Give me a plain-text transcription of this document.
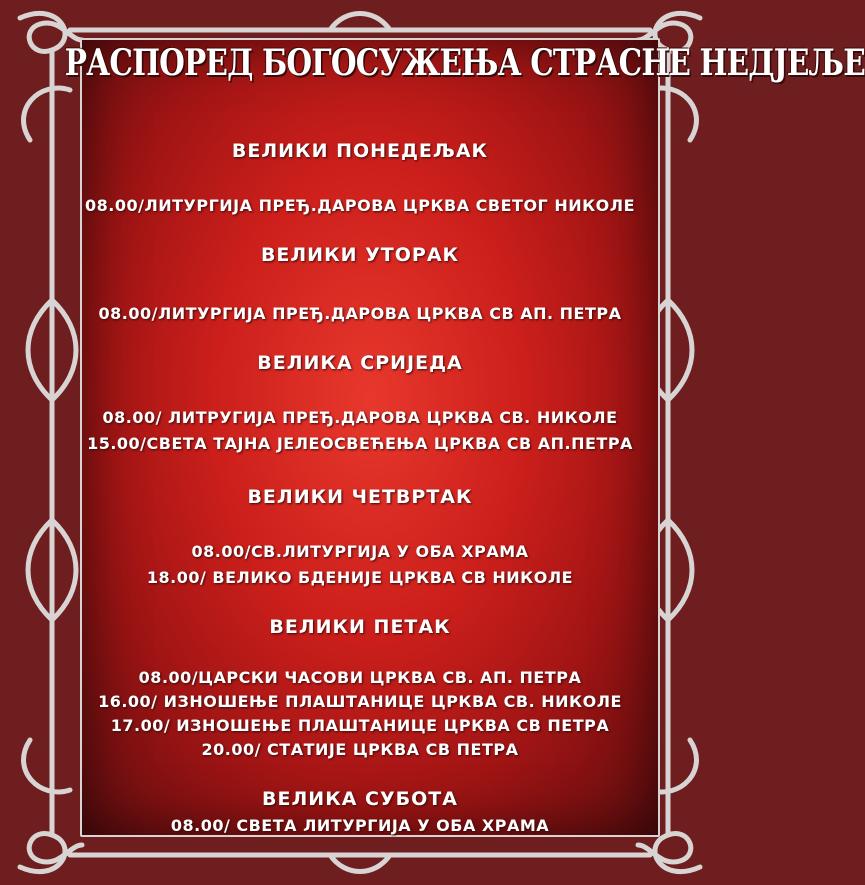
РАСПОРЕД БОГОСУЖЕЊА СТРАСНЕ НЕДЈЕЉЕ
ВЕЛИКИ ПОНЕДЕЉАК
08.00/ЛИТУРГИЈА ПРЕЂ.ДАРОВА ЦРКВА СВЕТОГ НИКОЛЕ
ВЕЛИКИ УТОРАК
08.00/ЛИТУРГИЈА ПРЕЂ.ДАРОВА ЦРКВА СВ АП. ПЕТРА
ВЕЛИКА СРИЈЕДА
08.00/ ЛИТРУГИЈА ПРЕЂ.ДАРОВА ЦРКВА СВ. НИКОЛЕ
15.00/СВЕТА ТАЈНА ЈЕЛЕОСВЕЋЕЊА ЦРКВА СВ АП.ПЕТРА
ВЕЛИКИ ЧЕТВРТАК
08.00/СВ.ЛИТУРГИЈА У ОБА ХРАМА
18.00/ ВЕЛИКО БДЕНИЈЕ ЦРКВА СВ НИКОЛЕ
ВЕЛИКИ ПЕТАК
08.00/ЦАРСКИ ЧАСОВИ ЦРКВА СВ. АП. ПЕТРА
16.00/ ИЗНОШЕЊЕ ПЛАШТАНИЦЕ ЦРКВА СВ. НИКОЛЕ
17.00/ ИЗНОШЕЊЕ ПЛАШТАНИЦЕ ЦРКВА СВ ПЕТРА
20.00/ СТАТИЈЕ ЦРКВА СВ ПЕТРА
ВЕЛИКА СУБОТА
08.00/ СВЕТА ЛИТУРГИЈА У ОБА ХРАМА
